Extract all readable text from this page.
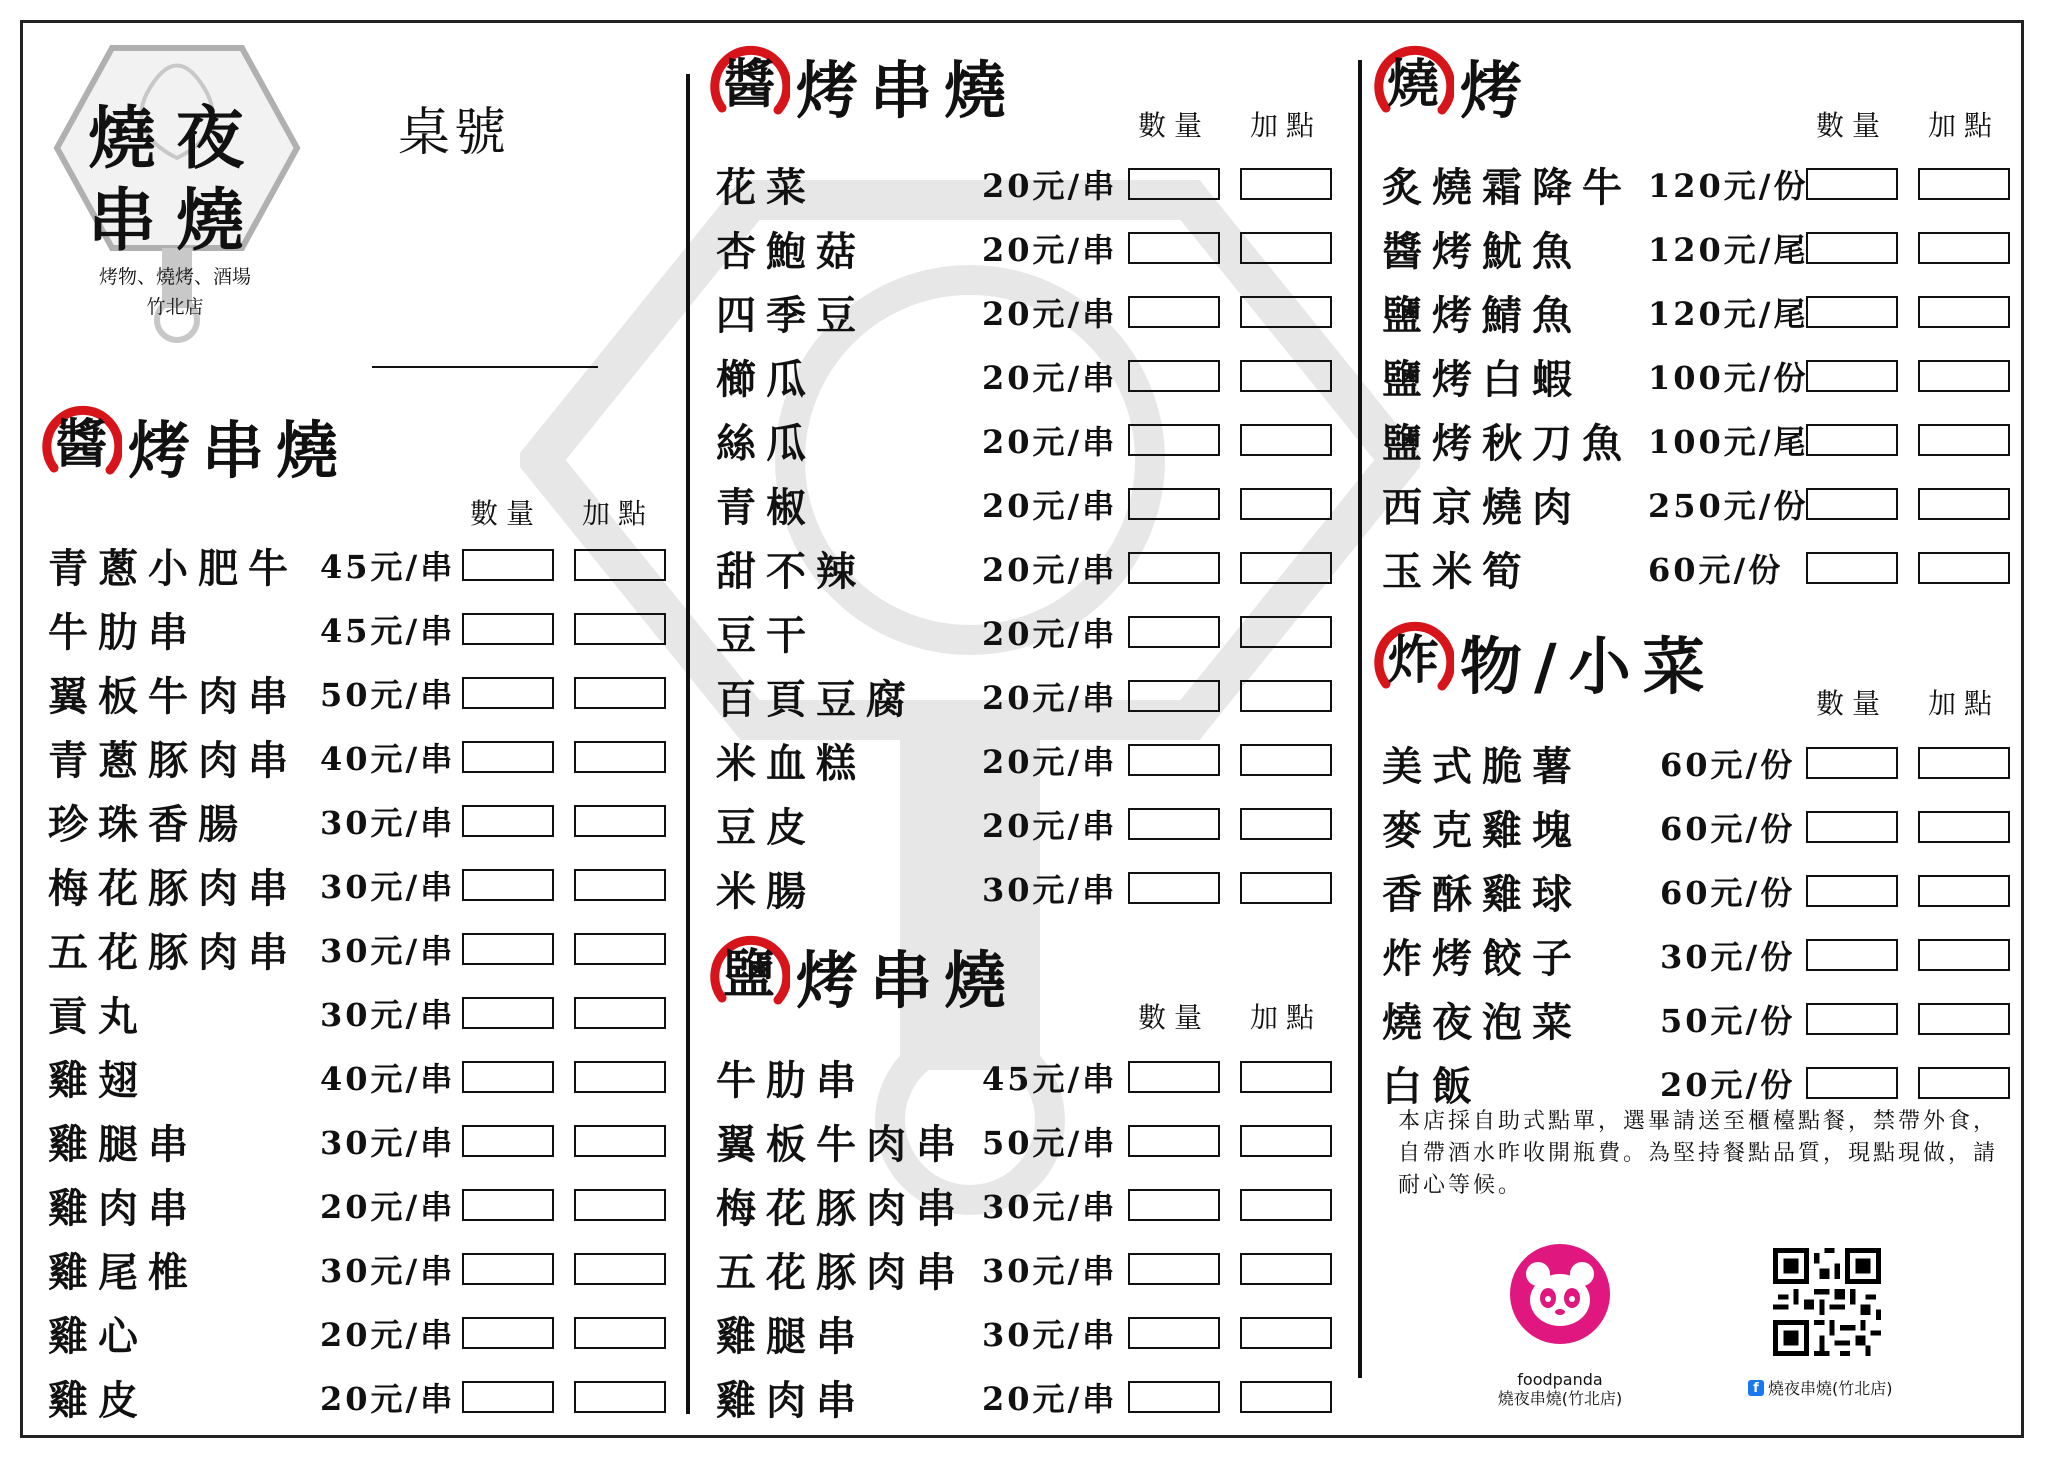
燒夜
串燒
烤物、燒烤、酒場
竹北店
桌號
醬 烤串燒
數量 加點
青蔥小肥牛 45元/串
牛肋串	45元/串
翼板牛肉串 50元/串
青蔥豚肉串 40元/串
珍珠香腸 30元/串
梅花豚肉串 30元/串
五花豚肉串 30元/串
貢丸	30元/串
雞翅	40元/串
雞腿串	30元/串
雞肉串	20元/串
雞尾椎	30元/串
雞心	20元/串
雞皮	20元/串
醬 烤串燒	數量 加點
花菜	20元/串
杏鮑菇	20元/串
四季豆	20元/串
櫛瓜	20元/串
絲瓜	20元/串
青椒	20元/串
甜不辣	20元/串
豆干	20元/串
百頁豆腐 20元/串
米血糕	20元/串
豆皮	20元/串
米腸	30元/串
鹽 烤串燒
數量 加點
牛肋串	45元/串
翼板牛肉串 50元/串
梅花豚肉串 30元/串
五花豚肉串 30元/串
雞腿串	30元/串
雞肉串	20元/串
燒 烤	數量 加點
炙燒霜降牛 120元/份
醬烤魷魚 120元/尾
鹽烤鯖魚 120元/尾
鹽烤白蝦 100元/份
鹽烤秋刀魚 100元/尾
西京燒肉 250元/份
玉米筍	60元/份
炸 物/小菜
數量 加點
美式脆薯 60元/份
麥克雞塊 60元/份
香酥雞球 60元/份
炸烤餃子 30元/份
燒夜泡菜 50元/份
白飯	20元/份
本店採自助式點單，選畢請送至櫃檯點餐，禁帶外食，自帶酒水昨收開瓶費。為堅持餐點品質，現點現做，請耐心等候。
foodpanda
燒夜串燒(竹北店)
f 燒夜串燒(竹北店)
